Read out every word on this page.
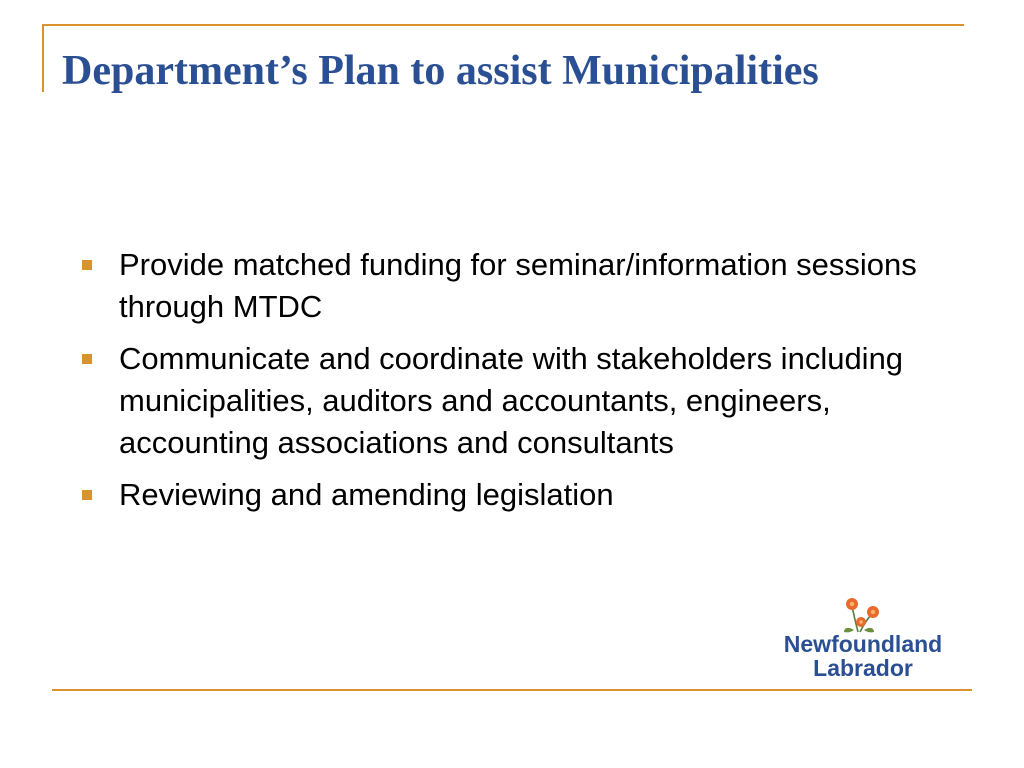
Department’s Plan to assist Municipalities
Provide matched funding for seminar/information sessions through MTDC
Communicate and coordinate with stakeholders including municipalities, auditors and accountants, engineers, accounting associations and consultants
Reviewing and amending legislation
Newfoundland
Labrador
